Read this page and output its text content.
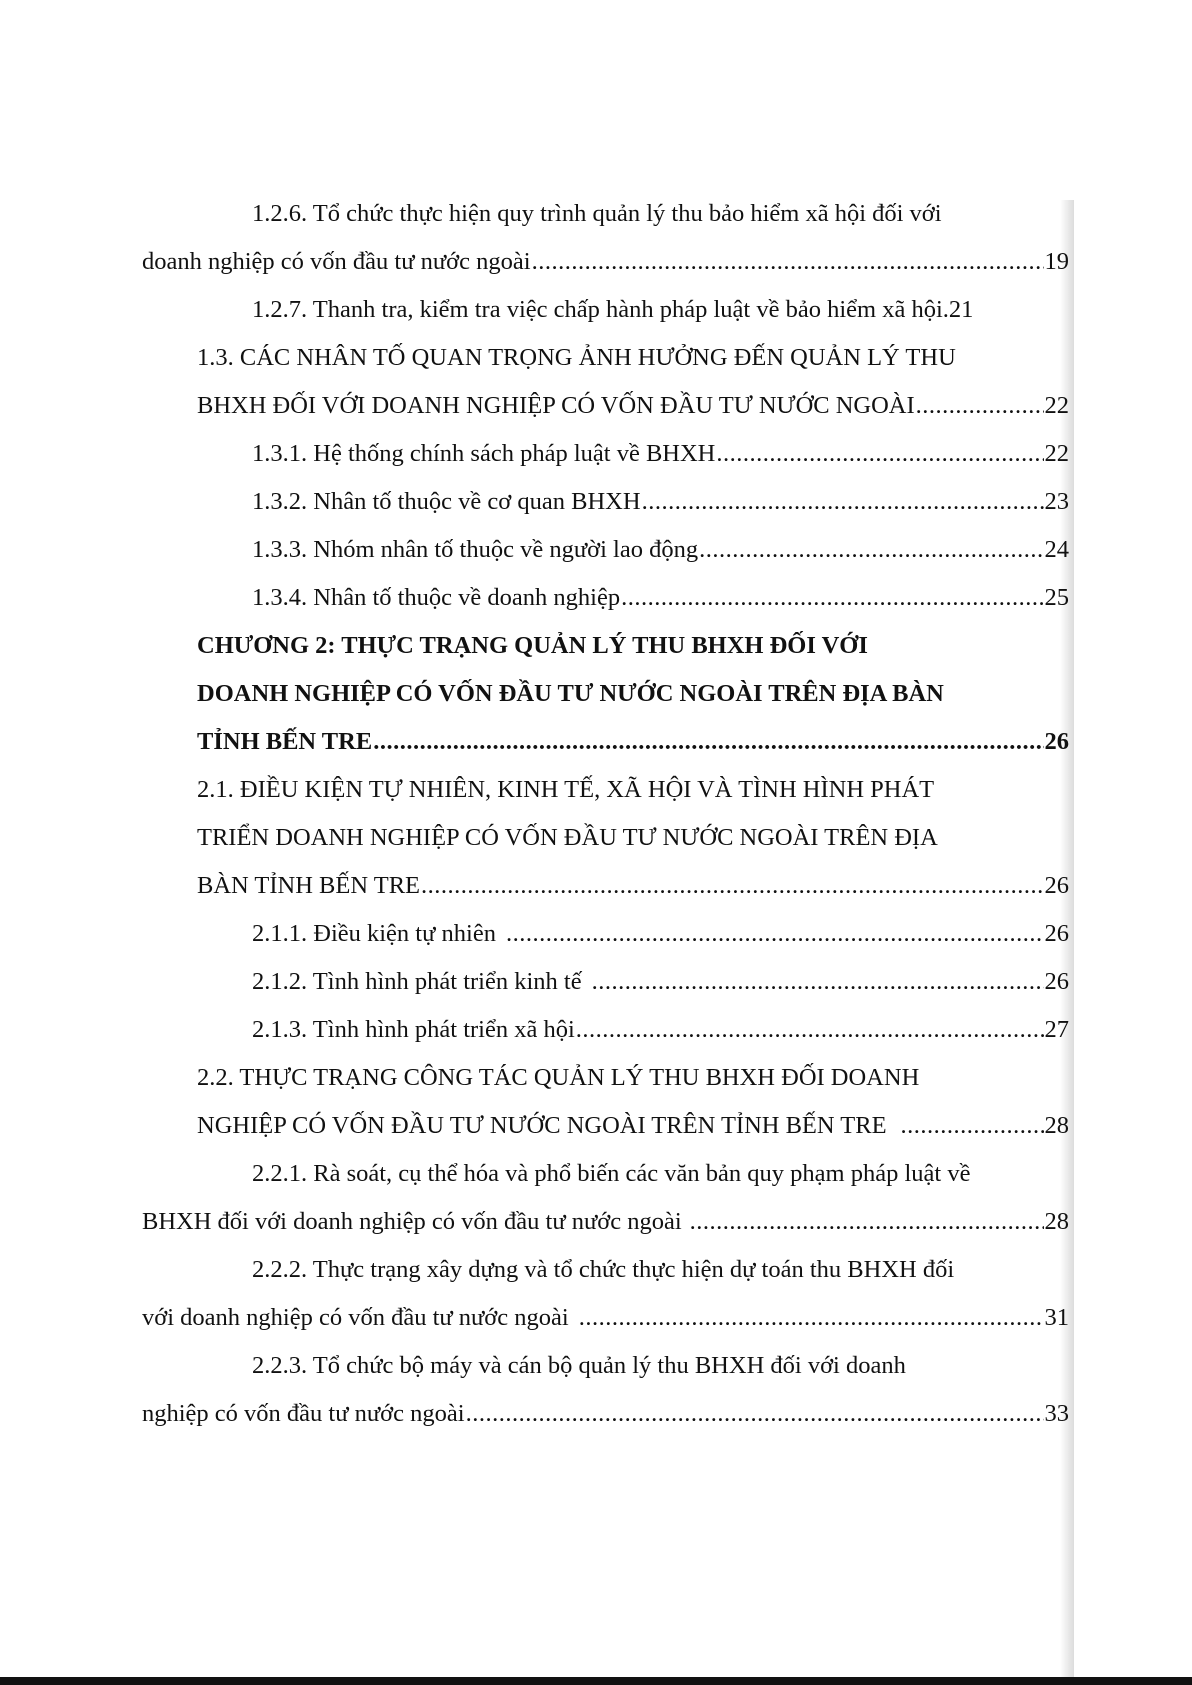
1.2.6. Tổ chức thực hiện quy trình quản lý thu bảo hiểm xã hội đối với
doanh nghiệp có vốn đầu tư nước ngoài .....	19
1.2.7. Thanh tra, kiểm tra việc chấp hành pháp luật về bảo hiểm xã hội . 21
1.3. CÁC NHÂN TỐ QUAN TRỌNG ẢNH HƯỞNG ĐẾN QUẢN LÝ THU
BHXH ĐỐI VỚI DOANH NGHIỆP CÓ VỐN ĐẦU TƯ NƯỚC NGOÀI .....	22
1.3.1. Hệ thống chính sách pháp luật về BHXH .....	22
1.3.2. Nhân tố thuộc về cơ quan BHXH .....	23
1.3.3. Nhóm nhân tố thuộc về người lao động .....	24
1.3.4. Nhân tố thuộc về doanh nghiệp .....	25
CHƯƠNG 2: THỰC TRẠNG QUẢN LÝ THU BHXH ĐỐI VỚI
DOANH NGHIỆP CÓ VỐN ĐẦU TƯ NƯỚC NGOÀI TRÊN ĐỊA BÀN
TỈNH BẾN TRE .....	26
2.1. ĐIỀU KIỆN TỰ NHIÊN, KINH TẾ, XÃ HỘI VÀ TÌNH HÌNH PHÁT
TRIỂN DOANH NGHIỆP CÓ VỐN ĐẦU TƯ NƯỚC NGOÀI TRÊN ĐỊA
BÀN TỈNH BẾN TRE .....	26
2.1.1. Điều kiện tự nhiên .....	26
2.1.2. Tình hình phát triển kinh tế .....	26
2.1.3. Tình hình phát triển xã hội .....	27
2.2. THỰC TRẠNG CÔNG TÁC QUẢN LÝ THU BHXH ĐỐI DOANH
NGHIỆP CÓ VỐN ĐẦU TƯ NƯỚC NGOÀI TRÊN TỈNH BẾN TRE .....	28
2.2.1. Rà soát, cụ thể hóa và phổ biến các văn bản quy phạm pháp luật về
BHXH đối với doanh nghiệp có vốn đầu tư nước ngoài .....	28
2.2.2. Thực trạng xây dựng và tổ chức thực hiện dự toán thu BHXH đối
với doanh nghiệp có vốn đầu tư nước ngoài .....	31
2.2.3. Tổ chức bộ máy và cán bộ quản lý thu BHXH đối với doanh
nghiệp có vốn đầu tư nước ngoài .....	33
